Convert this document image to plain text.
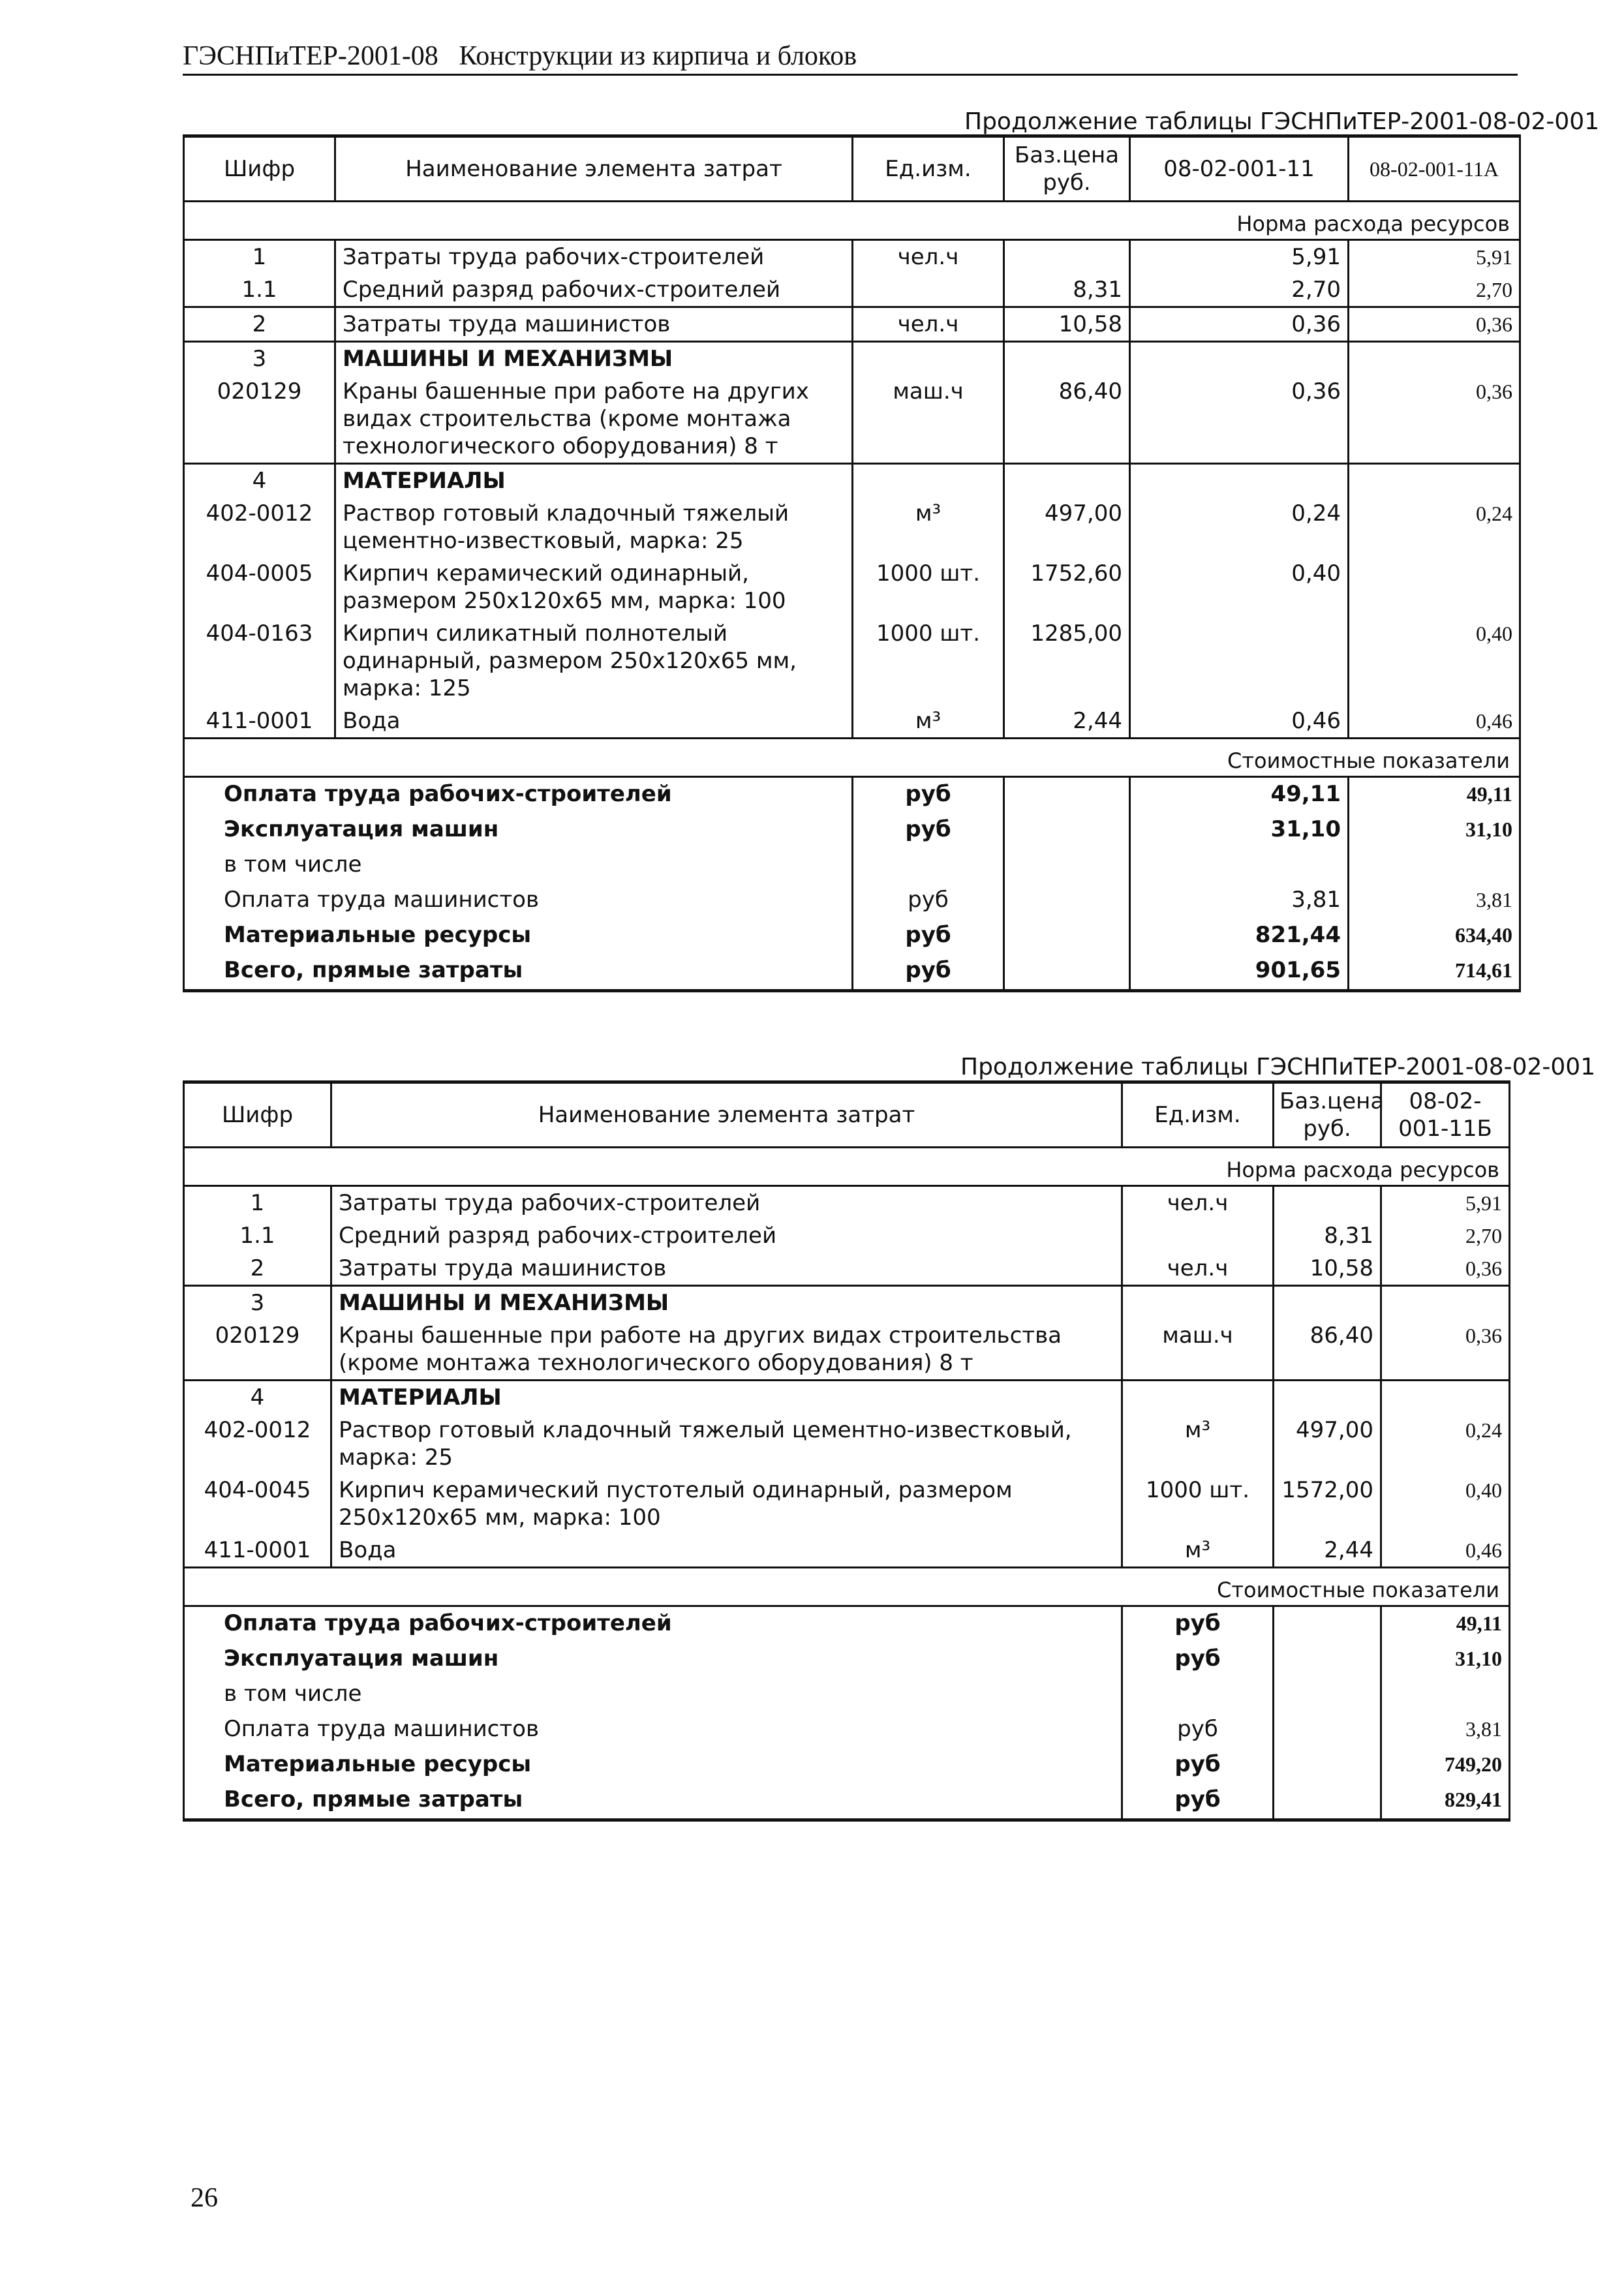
ГЭСНПиТЕР-2001-08 Конструкции из кирпича и блоков
Продолжение таблицы ГЭСНПиТЕР-2001-08-02-001
Шифр	Наименование элемента затрат	Ед.изм.	Баз.цена руб.	08-02-001-11	08-02-001-11А
Норма расхода ресурсов					
1	Затраты труда рабочих-строителей	чел.ч		5,91	5,91
1.1	Средний разряд рабочих-строителей		8,31	2,70	2,70
2	Затраты труда машинистов	чел.ч	10,58	0,36	0,36
3	МАШИНЫ И МЕХАНИЗМЫ				
020129	Краны башенные при работе на других видах строительства (кроме монтажа технологического оборудования) 8 т	маш.ч	86,40	0,36	0,36
4	МАТЕРИАЛЫ				
402-0012	Раствор готовый кладочный тяжелый цементно-известковый, марка: 25	м³	497,00	0,24	0,24
404-0005	Кирпич керамический одинарный, размером 250х120х65 мм, марка: 100	1000 шт.	1752,60	0,40	
404-0163	Кирпич силикатный полнотелый одинарный, размером 250х120х65 мм, марка: 125	1000 шт.	1285,00		0,40
411-0001	Вода	м³	2,44	0,46	0,46
Стоимостные показатели					
Оплата труда рабочих-строителей		руб		49,11	49,11
Эксплуатация машин		руб		31,10	31,10
в том числе					
Оплата труда машинистов		руб		3,81	3,81
Материальные ресурсы		руб		821,44	634,40
Всего, прямые затраты		руб		901,65	714,61
Продолжение таблицы ГЭСНПиТЕР-2001-08-02-001
Шифр	Наименование элемента затрат	Ед.изм.	Баз.цена руб.	08-02-001-11Б
Норма расхода ресурсов				
1	Затраты труда рабочих-строителей	чел.ч		5,91
1.1	Средний разряд рабочих-строителей		8,31	2,70
2	Затраты труда машинистов	чел.ч	10,58	0,36
3	МАШИНЫ И МЕХАНИЗМЫ			
020129	Краны башенные при работе на других видах строительства (кроме монтажа технологического оборудования) 8 т	маш.ч	86,40	0,36
4	МАТЕРИАЛЫ			
402-0012	Раствор готовый кладочный тяжелый цементно-известковый, марка: 25	м³	497,00	0,24
404-0045	Кирпич керамический пустотелый одинарный, размером 250х120х65 мм, марка: 100	1000 шт.	1572,00	0,40
411-0001	Вода	м³	2,44	0,46
Стоимостные показатели				
Оплата труда рабочих-строителей		руб		49,11
Эксплуатация машин		руб		31,10
в том числе				
Оплата труда машинистов		руб		3,81
Материальные ресурсы		руб		749,20
Всего, прямые затраты		руб		829,41
26
